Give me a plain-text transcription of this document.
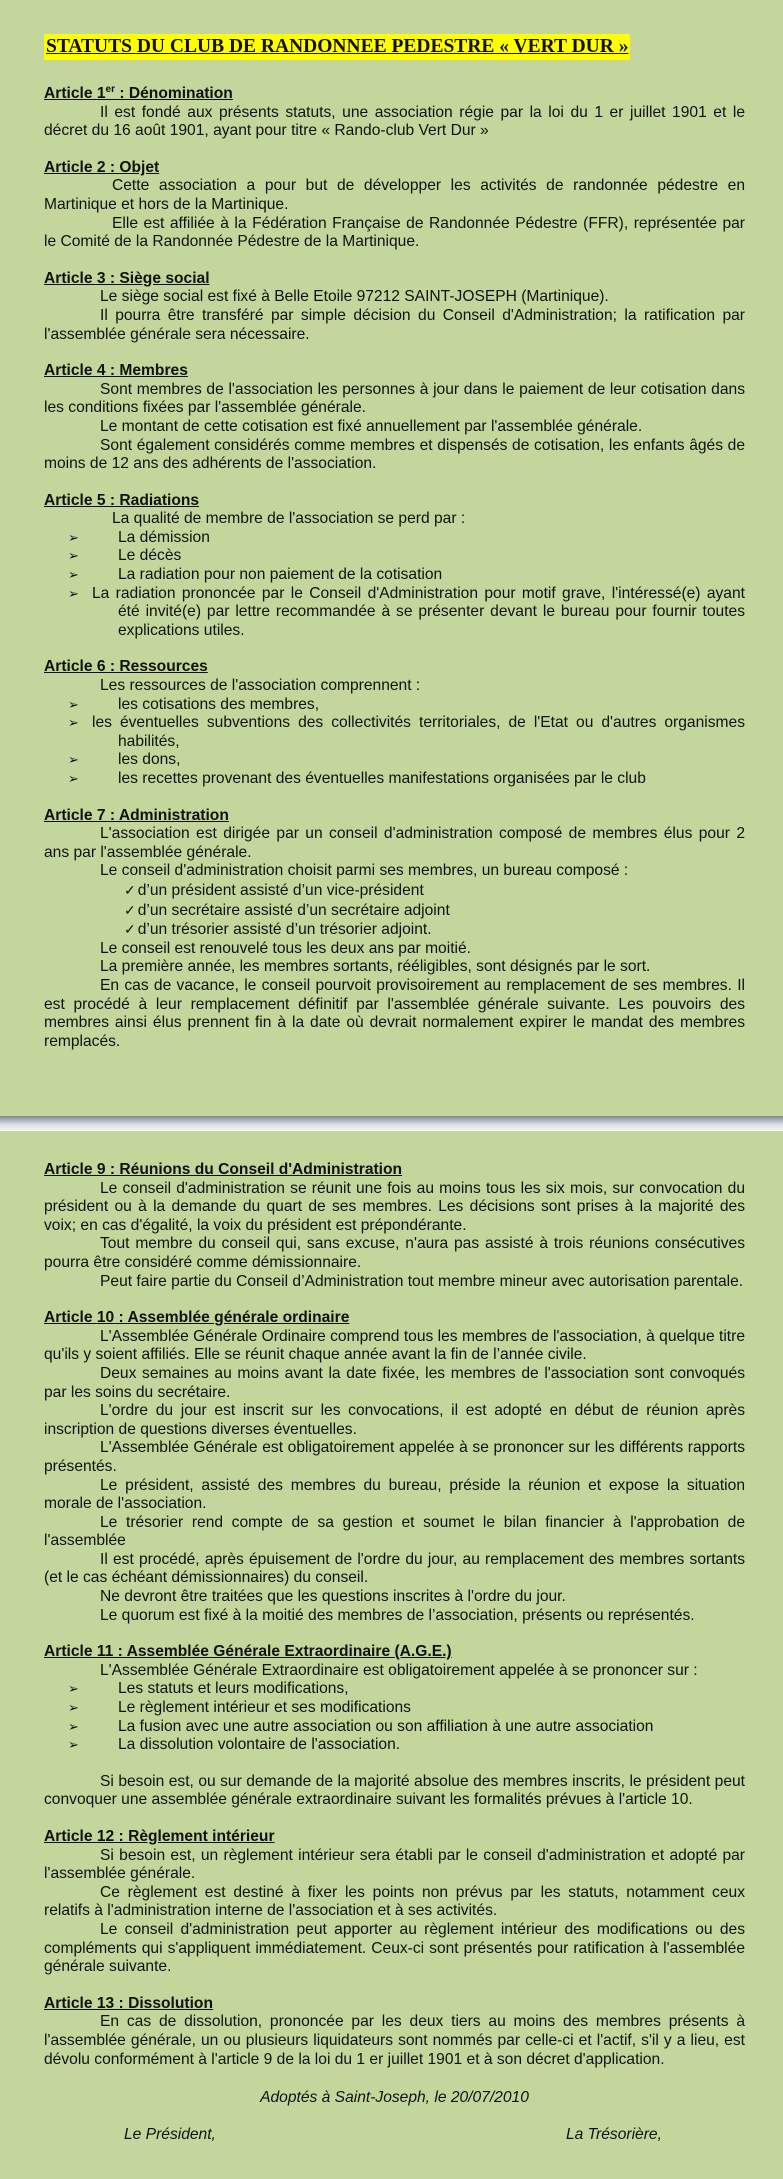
STATUTS DU CLUB DE RANDONNEE PEDESTRE « VERT DUR »
Article 1er : Dénomination

Il est fondé aux présents statuts, une association régie par la loi du 1 er juillet 1901 et le décret du 16 août 1901, ayant pour titre « Rando-club Vert Dur »

Article 2 : Objet

Cette association a pour but de développer les activités de randonnée pédestre en Martinique et hors de la Martinique.

Elle est affiliée à la Fédération Française de Randonnée Pédestre (FFR), représentée par le Comité de la Randonnée Pédestre de la Martinique.

Article 3 : Siège social

Le siège social est fixé à Belle Etoile 97212 SAINT-JOSEPH (Martinique).

Il pourra être transféré par simple décision du Conseil d'Administration; la ratification par l'assemblée générale sera nécessaire.

Article 4 : Membres

Sont membres de l'association les personnes à jour dans le paiement de leur cotisation dans les conditions fixées par l'assemblée générale.

Le montant de cette cotisation est fixé annuellement par l'assemblée générale.

Sont également considérés comme membres et dispensés de cotisation, les enfants âgés de moins de 12 ans des adhérents de l'association.

Article 5 : Radiations

La qualité de membre de l'association se perd par :

➢	La démission
➢	Le décès
➢	La radiation pour non paiement de la cotisation
➢ La radiation prononcée par le Conseil d'Administration pour motif grave, l'intéressé(e) ayant été invité(e) par lettre recommandée à se présenter devant le bureau pour fournir toutes explications utiles.
Article 6 : Ressources

Les ressources de l'association comprennent :

➢	les cotisations des membres,
➢ les éventuelles subventions des collectivités territoriales, de l'Etat ou d'autres organismes habilités,
➢	les dons,
➢	les recettes provenant des éventuelles manifestations organisées par le club
Article 7 : Administration

L'association est dirigée par un conseil d'administration composé de membres élus pour 2 ans par l'assemblée générale.

Le conseil d'administration choisit parmi ses membres, un bureau composé :

✓ d’un président assisté d’un vice-président
✓ d’un secrétaire assisté d’un secrétaire adjoint
✓ d’un trésorier assisté d’un trésorier adjoint.

Le conseil est renouvelé tous les deux ans par moitié.

La première année, les membres sortants, rééligibles, sont désignés par le sort.

En cas de vacance, le conseil pourvoit provisoirement au remplacement de ses membres. Il est procédé à leur remplacement définitif par l'assemblée générale suivante. Les pouvoirs des membres ainsi élus prennent fin à la date où devrait normalement expirer le mandat des membres remplacés.

Article 9 : Réunions du Conseil d'Administration

Le conseil d'administration se réunit une fois au moins tous les six mois, sur convocation du président ou à la demande du quart de ses membres. Les décisions sont prises à la majorité des voix; en cas d'égalité, la voix du président est prépondérante.

Tout membre du conseil qui, sans excuse, n'aura pas assisté à trois réunions consécutives pourra être considéré comme démissionnaire.

Peut faire partie du Conseil d’Administration tout membre mineur avec autorisation parentale.

Article 10 : Assemblée générale ordinaire

L'Assemblée Générale Ordinaire comprend tous les membres de l'association, à quelque titre qu'ils y soient affiliés. Elle se réunit chaque année avant la fin de l’année civile.

Deux semaines au moins avant la date fixée, les membres de l'association sont convoqués par les soins du secrétaire.

L'ordre du jour est inscrit sur les convocations, il est adopté en début de réunion après inscription de questions diverses éventuelles.

L'Assemblée Générale est obligatoirement appelée à se prononcer sur les différents rapports présentés.

Le président, assisté des membres du bureau, préside la réunion et expose la situation morale de l'association.

Le trésorier rend compte de sa gestion et soumet le bilan financier à l'approbation de l'assemblée

Il est procédé, après épuisement de l'ordre du jour, au remplacement des membres sortants (et le cas échéant démissionnaires) du conseil.

Ne devront être traitées que les questions inscrites à l'ordre du jour.

Le quorum est fixé à la moitié des membres de l’association, présents ou représentés.

Article 11 : Assemblée Générale Extraordinaire (A.G.E.)

L'Assemblée Générale Extraordinaire est obligatoirement appelée à se prononcer sur :

➢	Les statuts et leurs modifications,
➢	Le règlement intérieur et ses modifications
➢	La fusion avec une autre association ou son affiliation à une autre association
➢	La dissolution volontaire de l'association.

Si besoin est, ou sur demande de la majorité absolue des membres inscrits, le président peut convoquer une assemblée générale extraordinaire suivant les formalités prévues à l'article 10.

Article 12 : Règlement intérieur

Si besoin est, un règlement intérieur sera établi par le conseil d'administration et adopté par l'assemblée générale.

Ce règlement est destiné à fixer les points non prévus par les statuts, notamment ceux relatifs à l'administration interne de l'association et à ses activités.

Le conseil d'administration peut apporter au règlement intérieur des modifications ou des compléments qui s'appliquent immédiatement. Ceux-ci sont présentés pour ratification à l'assemblée générale suivante.

Article 13 : Dissolution

En cas de dissolution, prononcée par les deux tiers au moins des membres présents à l'assemblée générale, un ou plusieurs liquidateurs sont nommés par celle-ci et l'actif, s'il y a lieu, est dévolu conformément à l'article 9 de la loi du 1 er juillet 1901 et à son décret d'application.

Adoptés à Saint-Joseph, le 20/07/2010
Le Président,	La Trésorière,
